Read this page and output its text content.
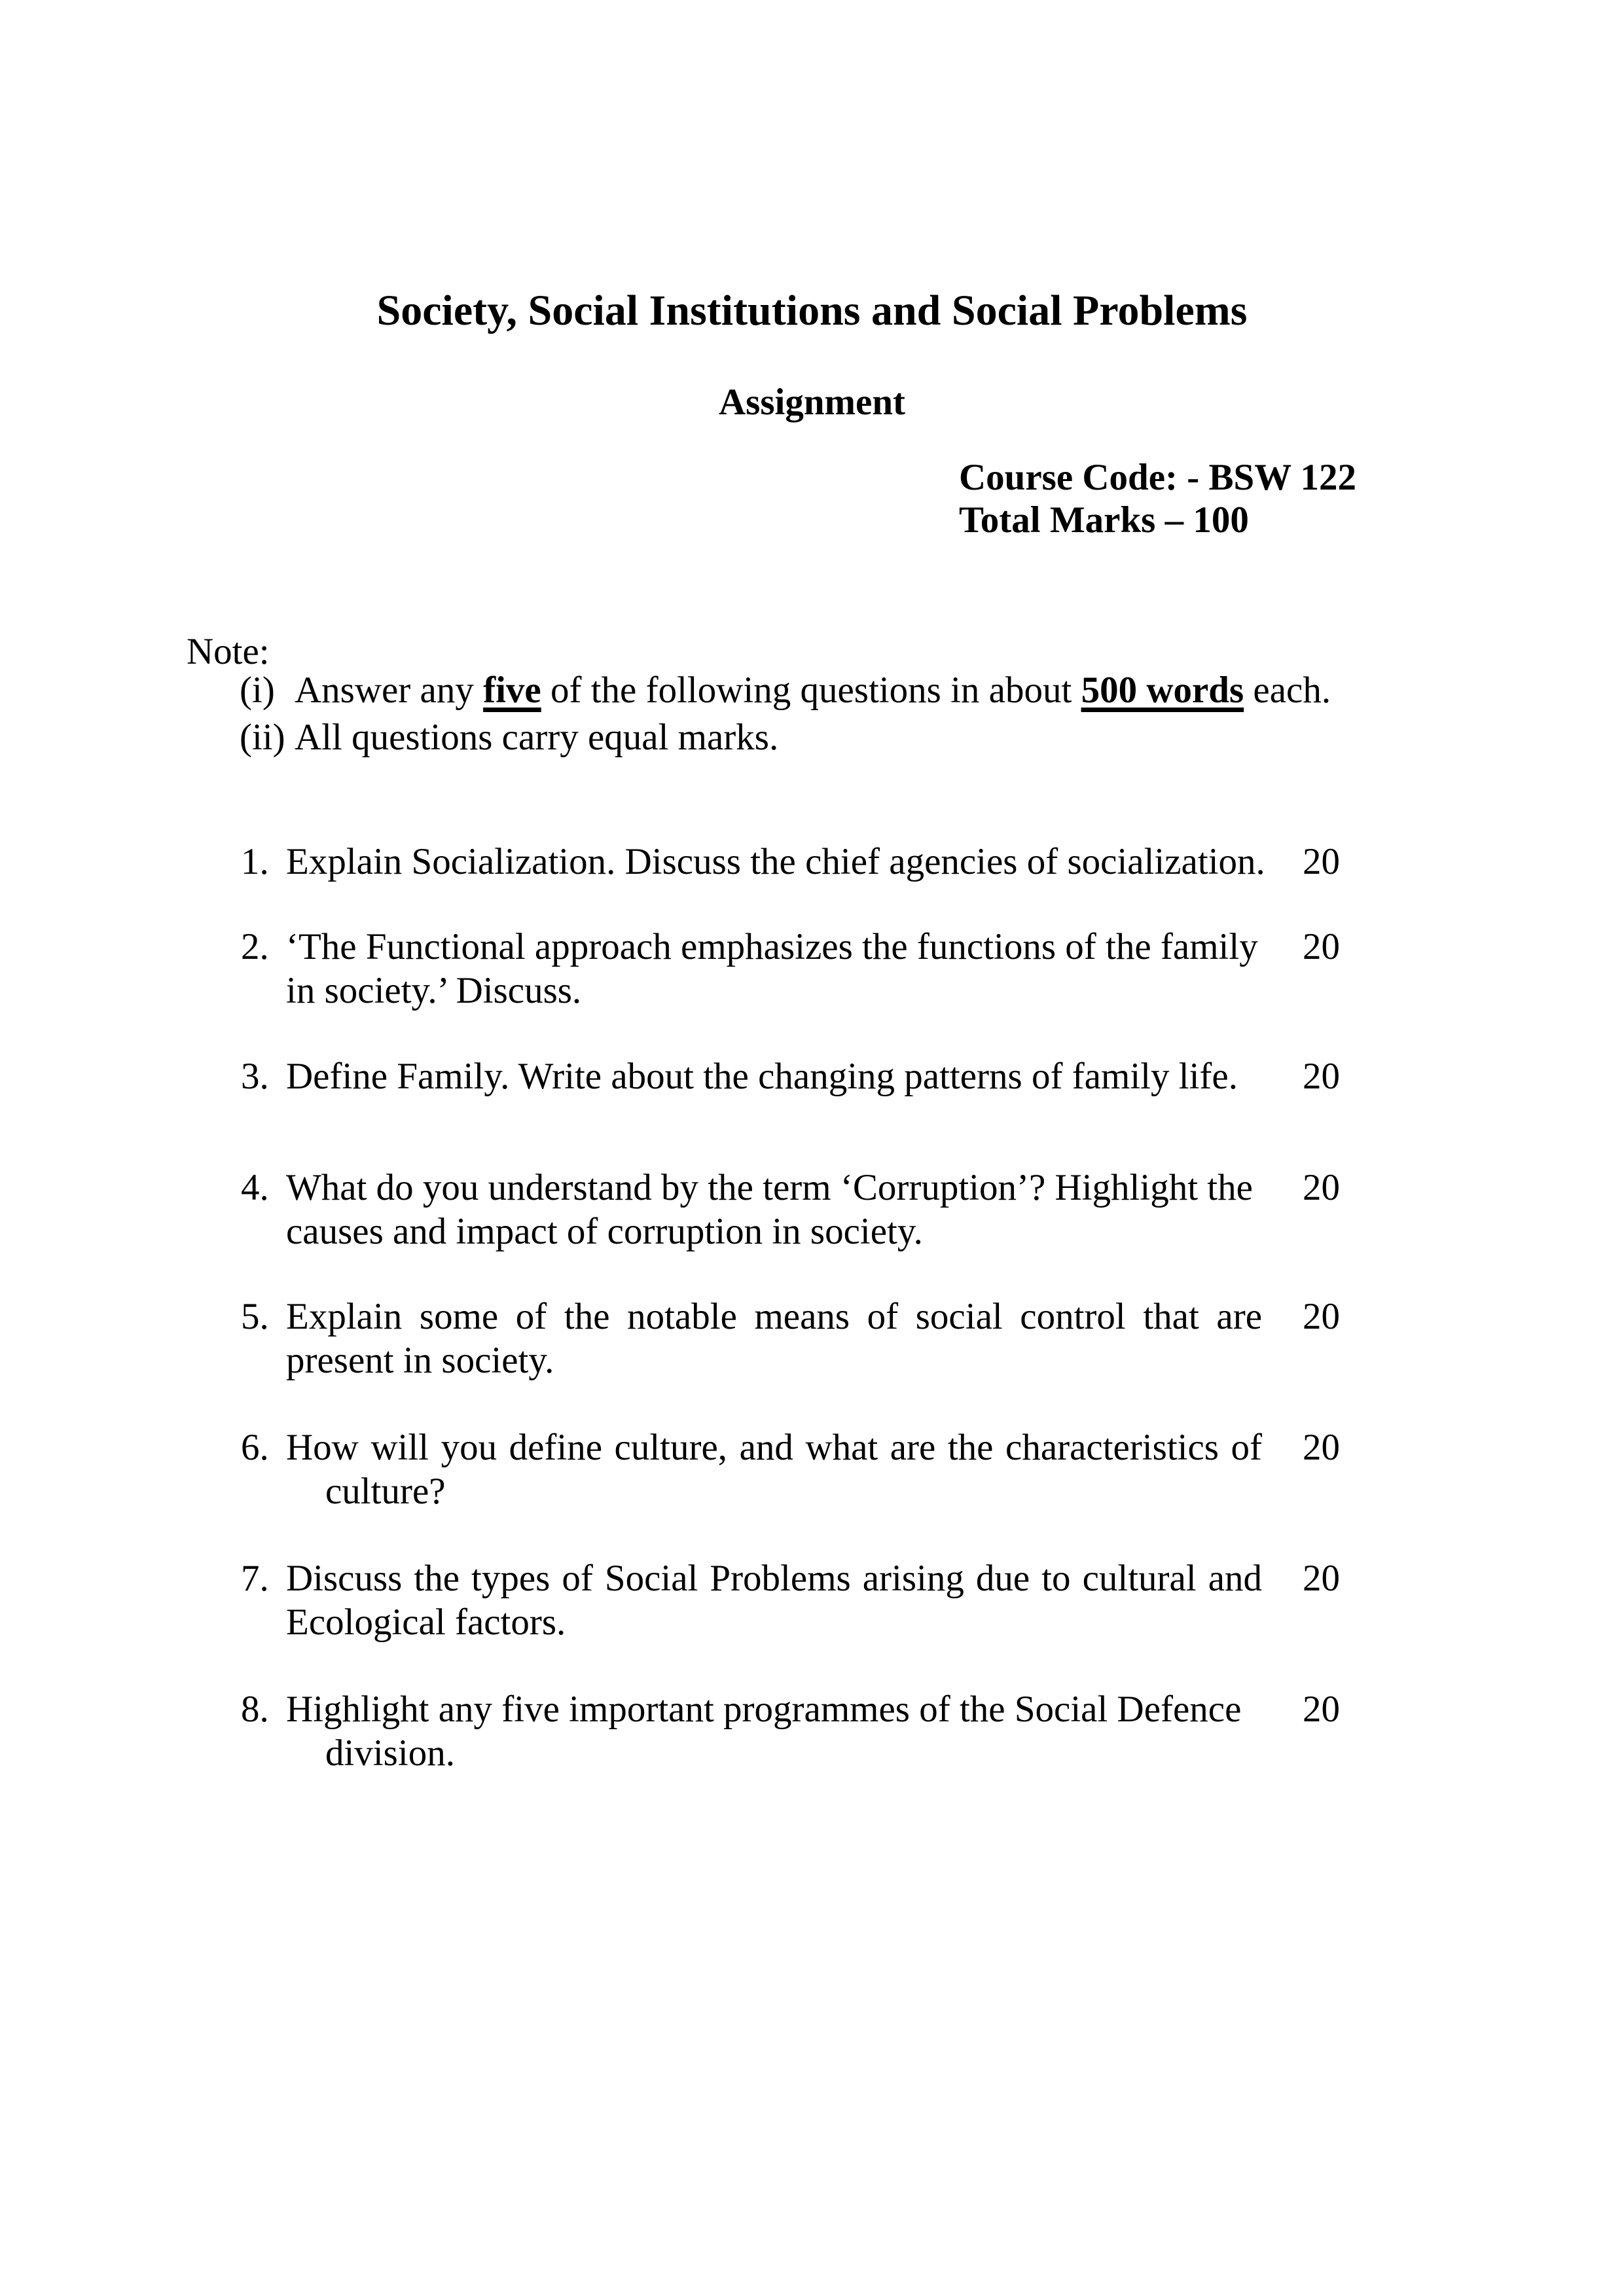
Society, Social Institutions and Social Problems
Assignment
Course Code: - BSW 122
Total Marks – 100
Note:
(i) Answer any five of the following questions in about 500 words each.
(ii) All questions carry equal marks.
1. Explain Socialization. Discuss the chief agencies of socialization. 20
2. ‘The Functional approach emphasizes the functions of the family
in society.’ Discuss.
20
3. Define Family. Write about the changing patterns of family life.	20
4. What do you understand by the term ‘Corruption’? Highlight the
causes and impact of corruption in society.
20
5. Explain some of the notable means of social control that are
present in society.
20
6. How will you define culture, and what are the characteristics of
culture?
20
7. Discuss the types of Social Problems arising due to cultural and
Ecological factors.
20
8. Highlight any five important programmes of the Social Defence
division.
20
